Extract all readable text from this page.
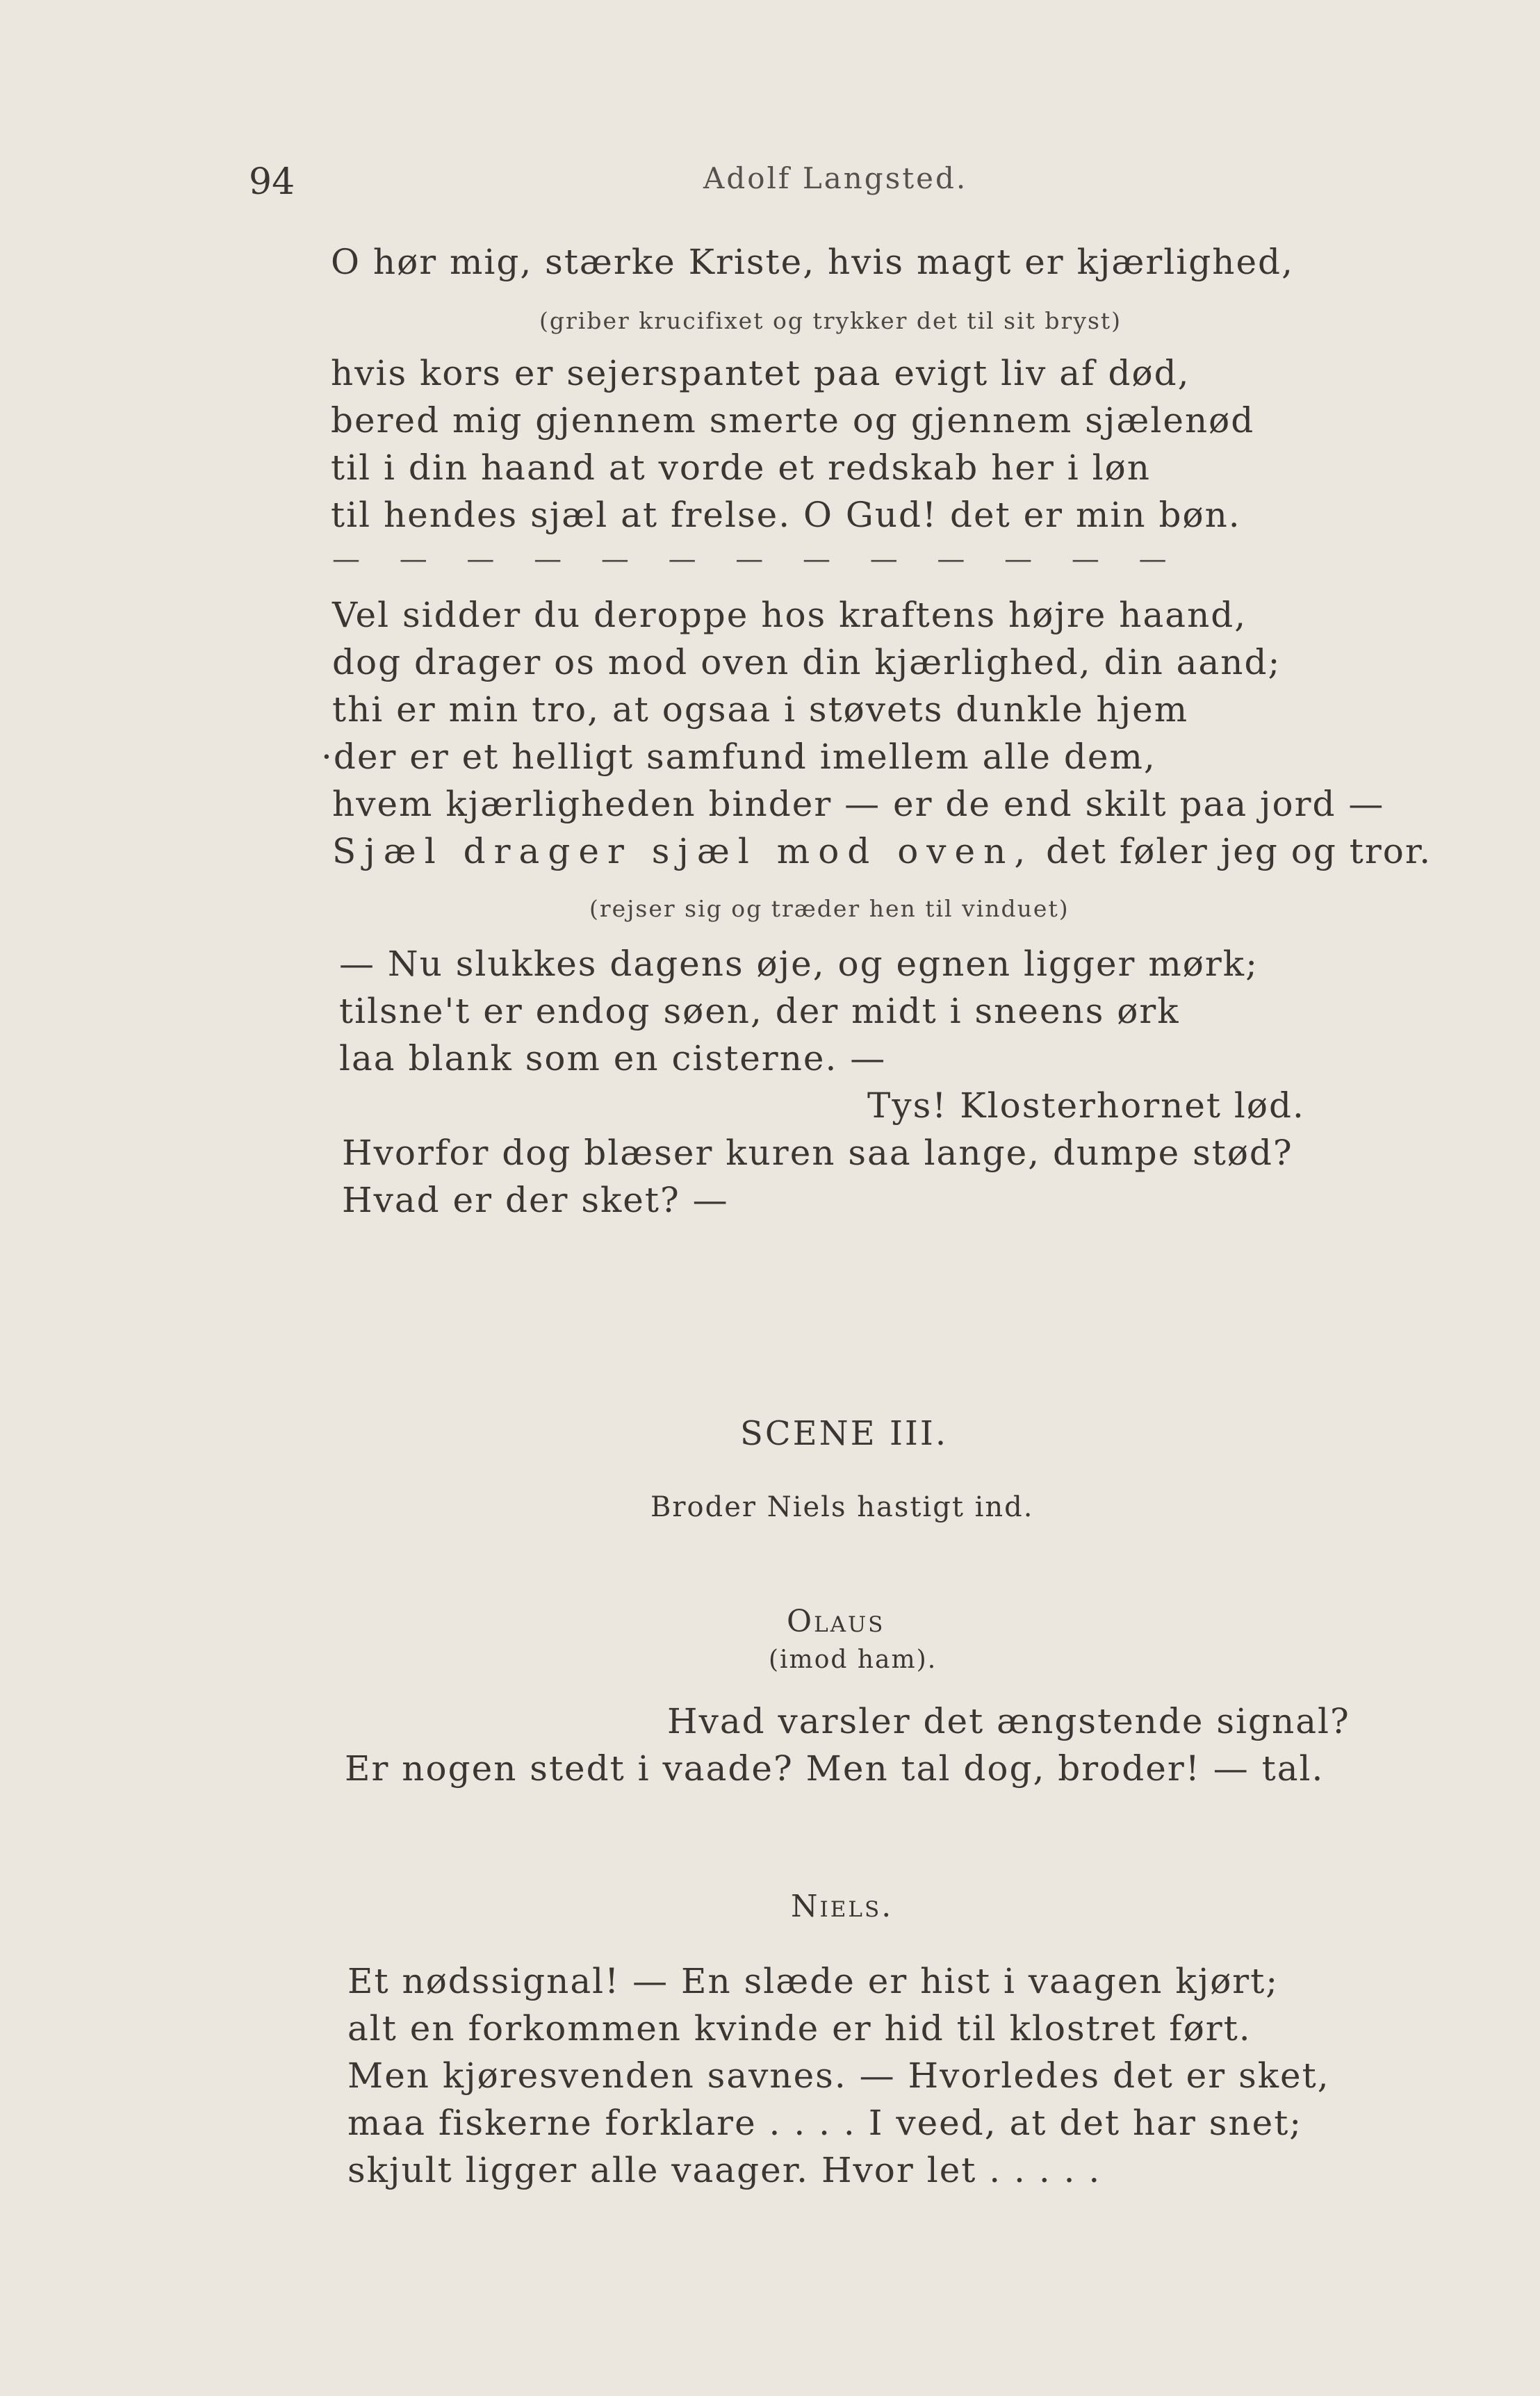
94	Adolf Langsted.
O hør mig, stærke Kriste, hvis magt er kjærlighed,
(griber krucifixet og trykker det til sit bryst)
hvis kors er sejerspantet paa evigt liv af død,
bered mig gjennem smerte og gjennem sjælenød
til i din haand at vorde et redskab her i løn
til hendes sjæl at frelse. O Gud! det er min bøn.
— — — — — — — — — — — — —
Vel sidder du deroppe hos kraftens højre haand,
dog drager os mod oven din kjærlighed, din aand;
thi er min tro, at ogsaa i støvets dunkle hjem
·der er et helligt samfund imellem alle dem,
hvem kjærligheden binder — er de end skilt paa jord —
Sjæl drager sjæl mod oven, det føler jeg og tror.
(rejser sig og træder hen til vinduet)
— Nu slukkes dagens øje, og egnen ligger mørk;
tilsne't er endog søen, der midt i sneens ørk
laa blank som en cisterne. —
Tys! Klosterhornet lød.
Hvorfor dog blæser kuren saa lange, dumpe stød?
Hvad er der sket? —
SCENE III.
Broder Niels hastigt ind.
Olaus
(imod ham).
Hvad varsler det ængstende signal?
Er nogen stedt i vaade? Men tal dog, broder! — tal.
Niels.
Et nødssignal! — En slæde er hist i vaagen kjørt;
alt en forkommen kvinde er hid til klostret ført.
Men kjøresvenden savnes. — Hvorledes det er sket,
maa fiskerne forklare . . . . I veed, at det har snet;
skjult ligger alle vaager. Hvor let . . . . .
